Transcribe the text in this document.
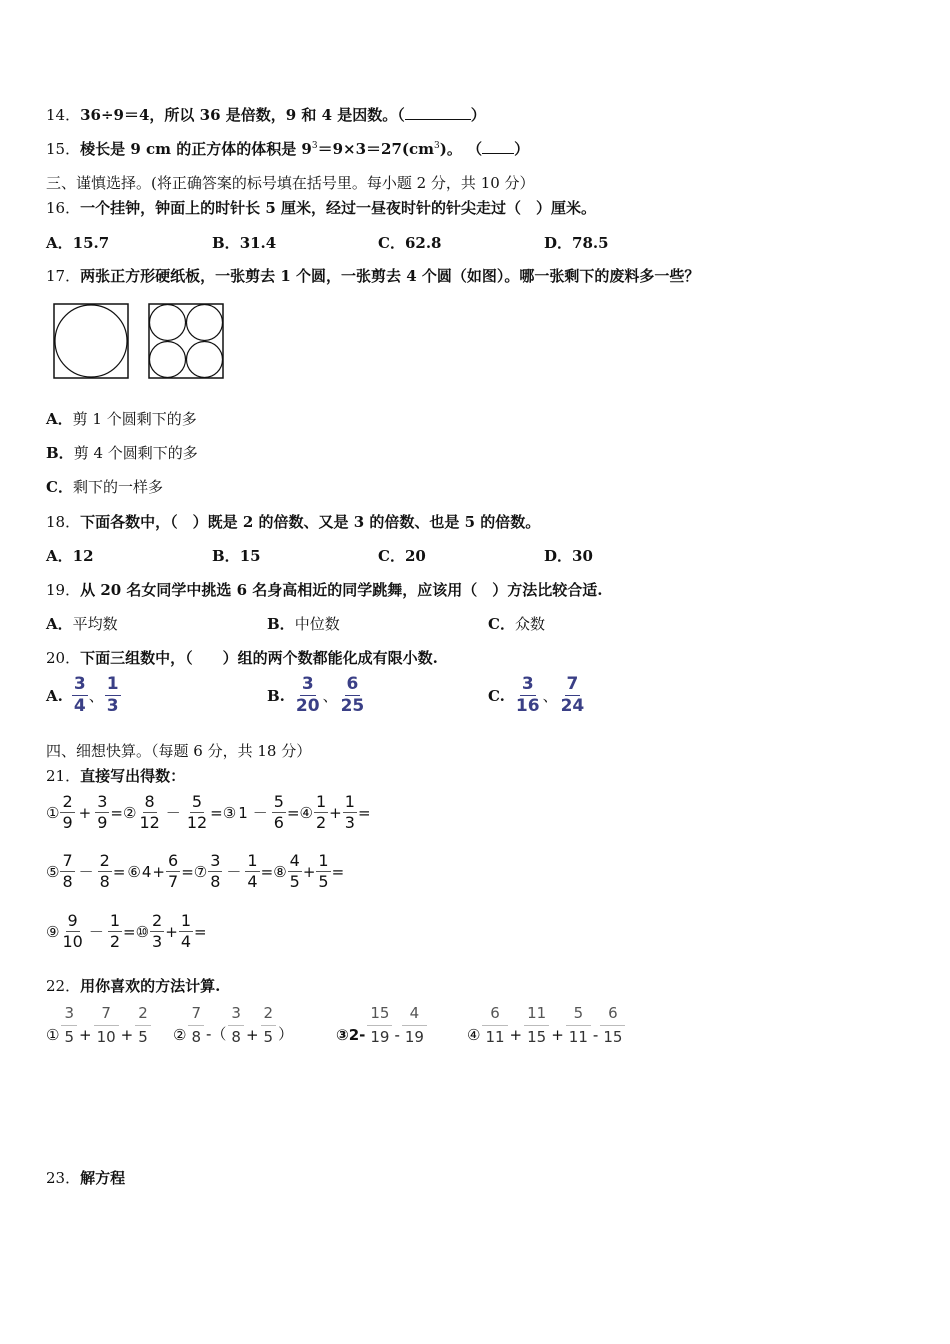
14．36÷9＝4，所以 36 是倍数，9 和 4 是因数。（	）
15．棱长是 9 cm 的正方体的体积是 $9^3=9\times 3=27(cm^3)$。 （ ）
三、谨慎选择。(将正确答案的标号填在括号里。每小题 2 分，共 10 分）
16．一个挂钟，钟面上的时针长 5 厘米，经过一昼夜时针的针尖走过（　）厘米。
A．15.7	B．31.4	C．62.8	D．78.5
17．两张正方形硬纸板，一张剪去 1 个圆，一张剪去 4 个圆（如图）。哪一张剩下的废料多一些？
A．剪 1 个圆剩下的多
B．剪 4 个圆剩下的多
C．剩下的一样多
18．下面各数中，（　）既是 2 的倍数、又是 3 的倍数、也是 5 的倍数。
A．12	B．15	C．20	D．30
19．从 20 名女同学中挑选 6 名身高相近的同学跳舞，应该用（　）方法比较合适.
A．平均数	B．中位数	C．众数
20．下面三组数中，（　　）组的两个数都能化成有限小数.
A. $\frac{3}{4}$ 、 $\frac{1}{3}$	B. $\frac{3}{20}$ 、 $\frac{6}{25}$	C. $\frac{3}{16}$ 、 $\frac{7}{24}$
四、细想快算。（每题 6 分，共 18 分）
21．直接写出得数：
① $\frac{2}{9} + \frac{3}{9}$ = ② $\frac{8}{12} - \frac{5}{12}$ = ③ $1 - \frac{5}{6}$ = ④ $\frac{1}{2} + \frac{1}{3}$ =
⑤ $\frac{7}{8} - \frac{2}{8}$ = ⑥ $4 + \frac{6}{7}$ = ⑦ $\frac{3}{8} - \frac{1}{4}$ = ⑧ $\frac{4}{5} + \frac{1}{5}$ =
⑨ $\frac{9}{10} - \frac{1}{2}$ = ⑩ $\frac{2}{3} + \frac{1}{4}$ =
22．用你喜欢的方法计算.
①
3
$5 + \frac{7}{10} + \frac{2}{5}$ ②
7
8 -（
3
$8 + \frac{2}{5}$ ）	③ 2-
15
19 -
4
19	④
6
$11 + \frac{11}{15} + \frac{5}{11}$ -
6
15
23．解方程
